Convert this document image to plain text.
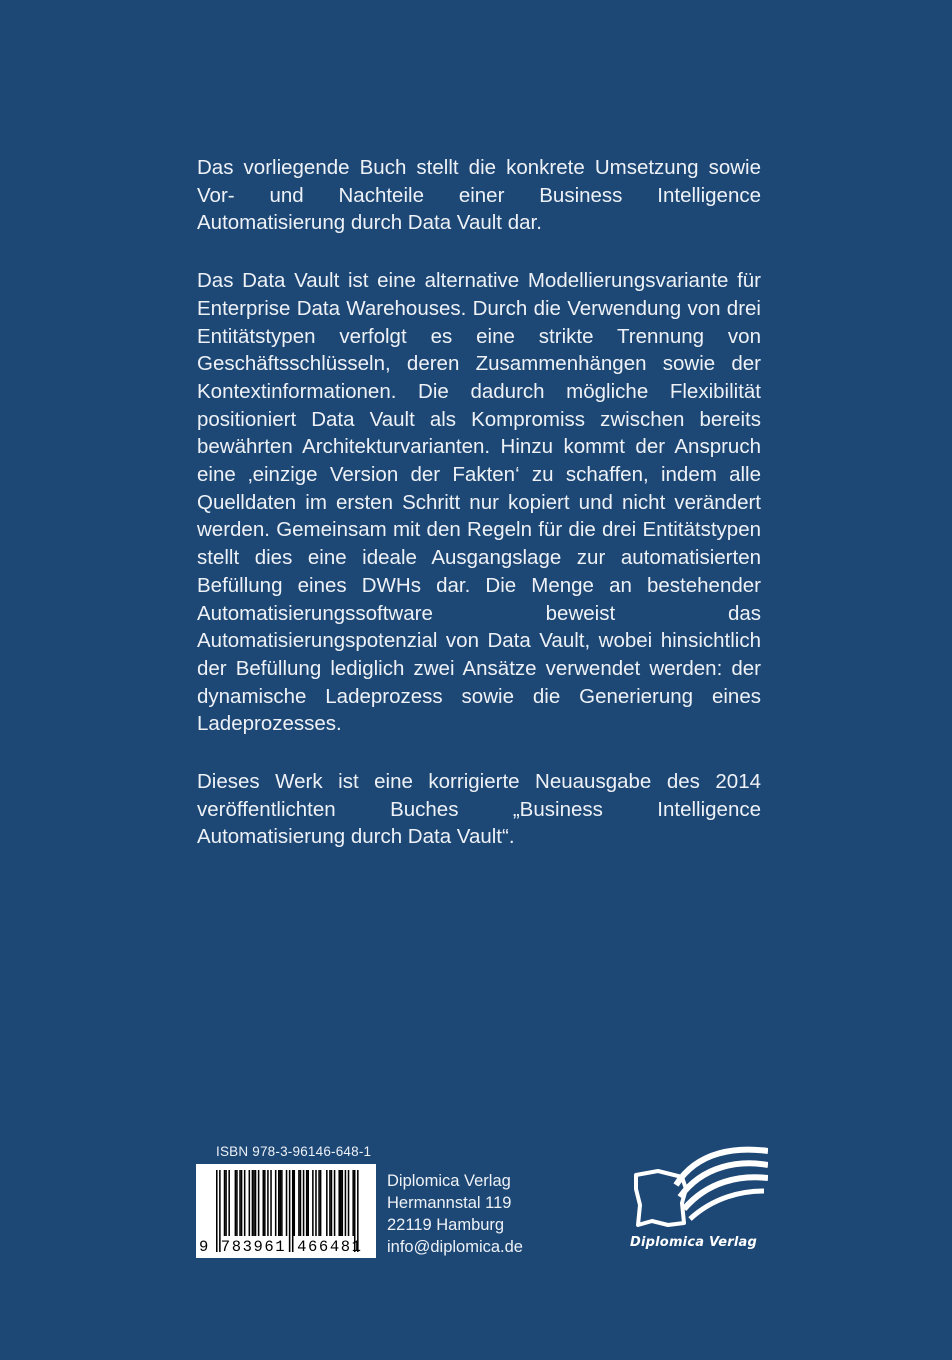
Das vorliegende Buch stellt die konkrete Umsetzung sowie Vor- und Nachteile einer Business Intelligence Automatisierung durch Data Vault dar.

Das Data Vault ist eine alternative Modellierungsvariante für Enterprise Data Warehouses. Durch die Verwendung von drei Entitätstypen verfolgt es eine strikte Trennung von Geschäftsschlüsseln, deren Zusammenhängen sowie der Kontextinformationen. Die dadurch mögliche Flexibilität positioniert Data Vault als Kompromiss zwischen bereits bewährten Architekturvarianten. Hinzu kommt der Anspruch eine ‚einzige Version der Fakten‘ zu schaffen, indem alle Quelldaten im ersten Schritt nur kopiert und nicht verändert werden. Gemeinsam mit den Regeln für die drei Entitätstypen stellt dies eine ideale Ausgangslage zur automatisierten Befüllung eines DWHs dar. Die Menge an bestehender Automatisierungssoftware beweist das Automatisierungspotenzial von Data Vault, wobei hinsichtlich der Befüllung lediglich zwei Ansätze verwendet werden: der dynamische Ladeprozess sowie die Generierung eines Ladeprozesses.

Dieses Werk ist eine korrigierte Neuausgabe des 2014 veröffentlichten Buches „Business Intelligence Automatisierung durch Data Vault“.

ISBN 978-3-96146-648-1
9 783961 466481
Diplomica Verlag
Hermannstal 119
22119 Hamburg
info@diplomica.de	Diplomica Verlag
